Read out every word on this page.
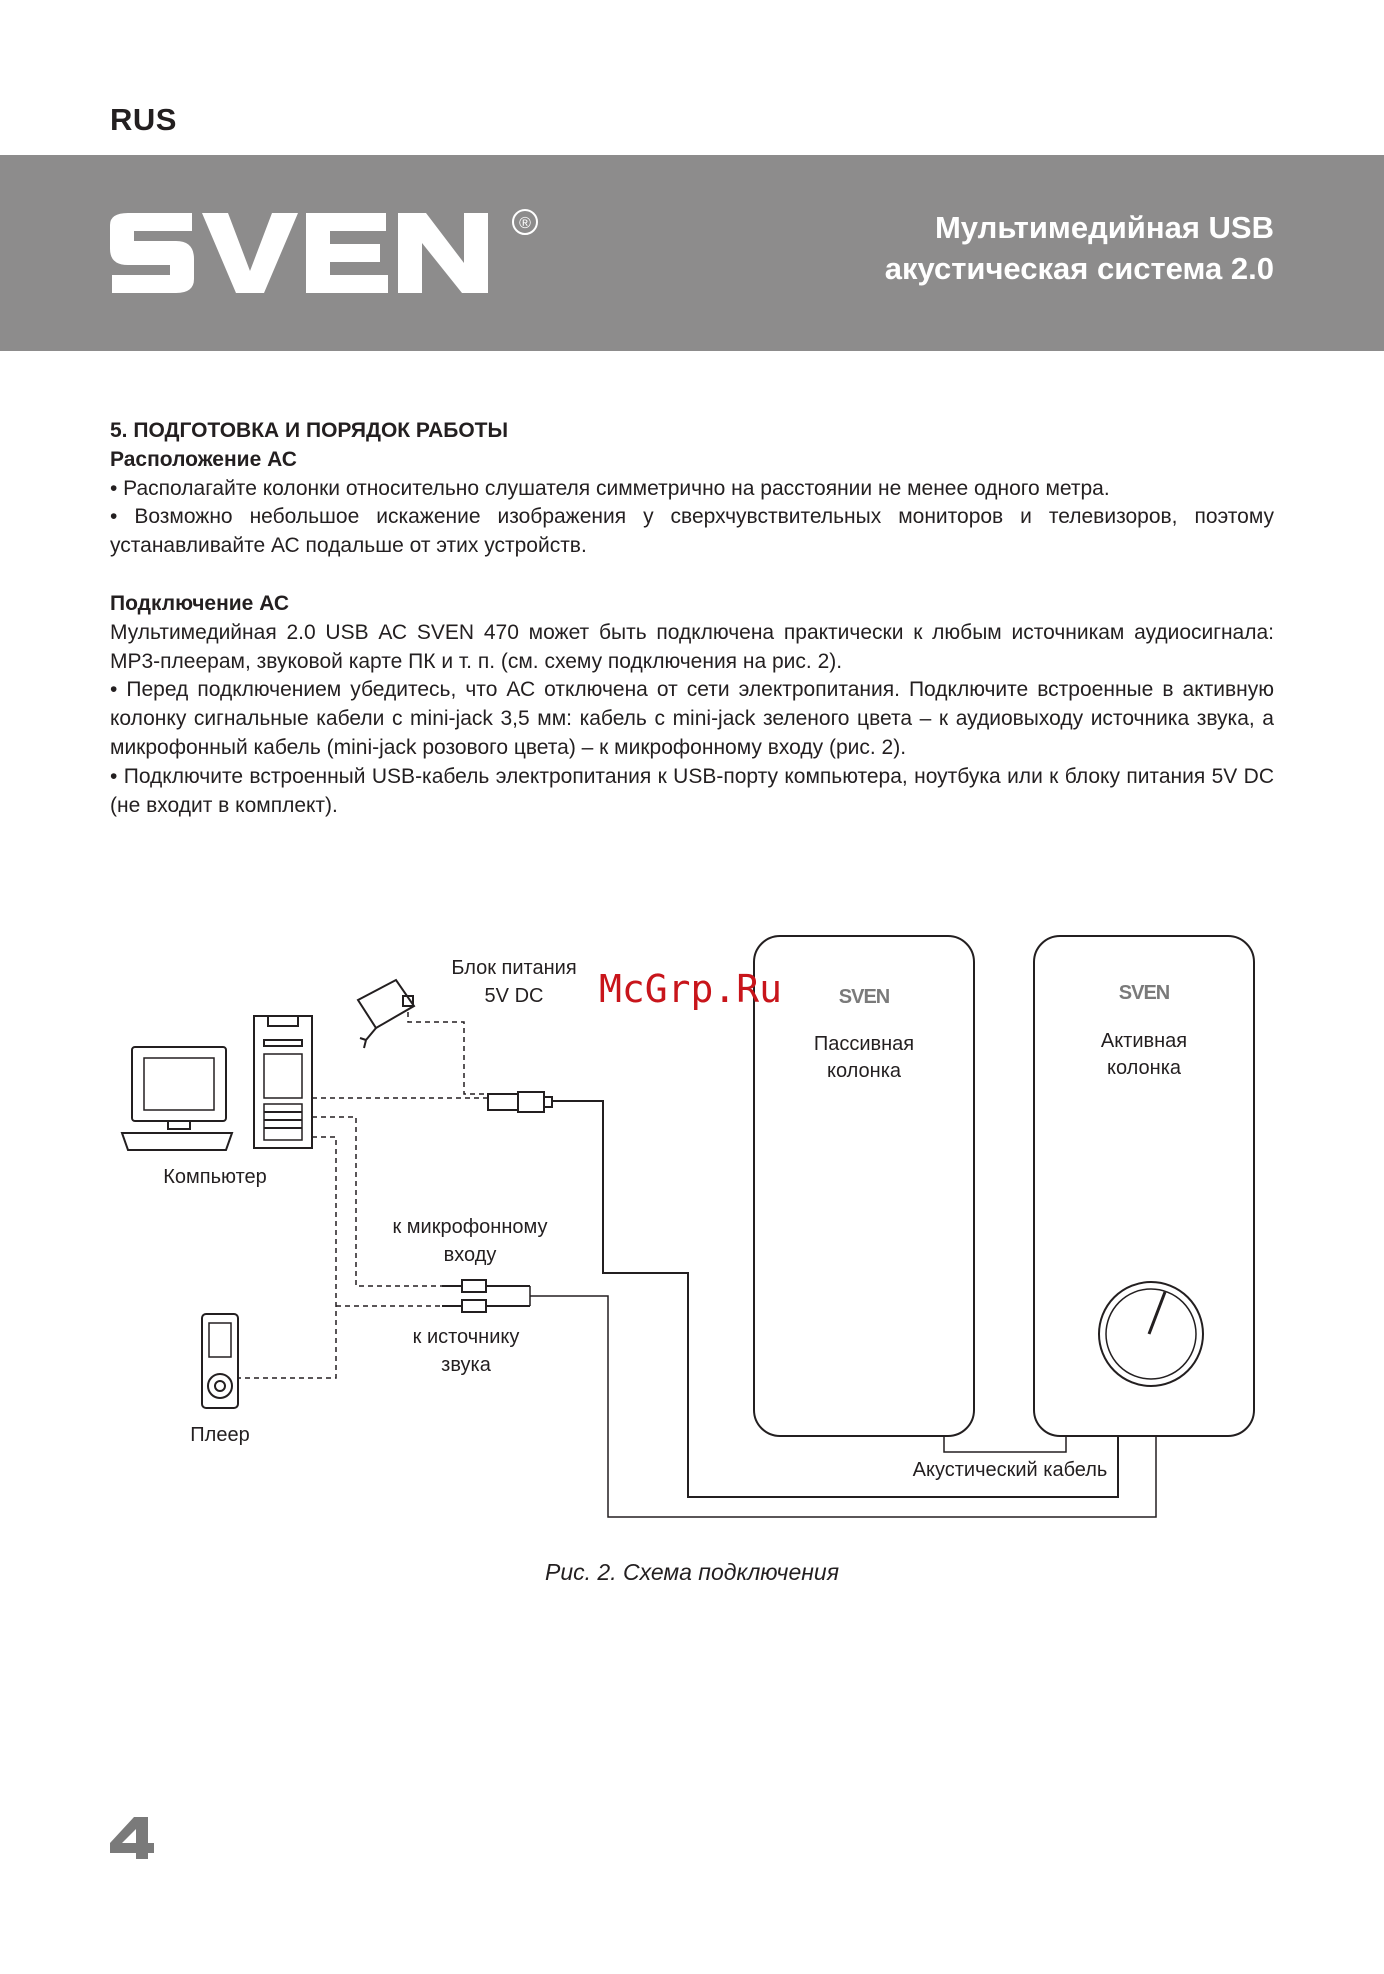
RUS
®	Мультимедийная USB
акустическая система 2.0

5. ПОДГОТОВКА И ПОРЯДОК РАБОТЫ

Расположение АС

• Располагайте колонки относительно слушателя симметрично на расстоянии не менее одного метра.

• Возможно небольшое искажение изображения у сверхчувствительных мониторов и телевизоров, поэтому устанавливайте АС подальше от этих устройств.

Подключение АС

Мультимедийная 2.0 USB АС SVEN 470 может быть подключена практически к любым источникам аудиосигнала: МР3-плеерам, звуковой карте ПК и т. п. (см. схему подключения на рис. 2).

• Перед подключением убедитесь, что АС отключена от сети электропитания. Подключите встроенные в активную колонку сигнальные кабели с mini-jack 3,5 мм: кабель с mini-jack зеленого цвета – к аудиовыходу источника звука, а микрофонный кабель (mini-jack розового цвета) – к микрофонному входу (рис. 2).

• Подключите встроенный USB-кабель электропитания к USB-порту компьютера, ноутбука или к блоку питания 5V DC (не входит в комплект).

SVEN
Пассивная
колонка
SVEN
Активная
колонка
Акустический кабель
Блок питания
5V DC
Компьютер
к микрофонному
входу
к источнику
звука
Плеер
McGrp.Ru
Рис. 2. Схема подключения
